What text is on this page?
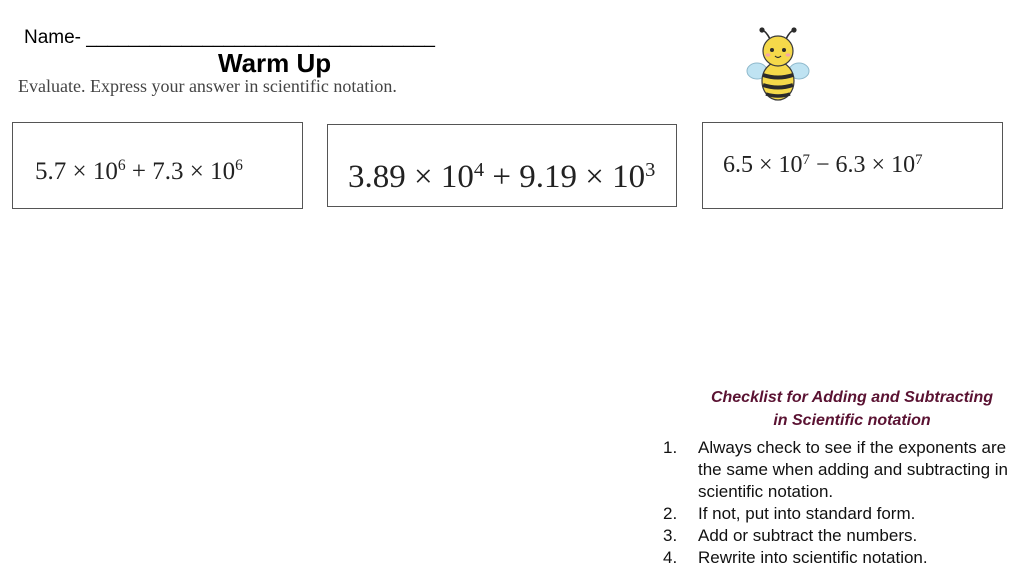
Name- _________________________________
Warm Up
Evaluate. Express your answer in scientific notation.
$5.7 \times 10^6 + 7.3 \times 10^6$	$3.89 \times 10^4 + 9.19 \times 10^3$	$6.5 \times 10^7 - 6.3 \times 10^7$
Checklist for Adding and Subtracting
in Scientific notation
1. Always check to see if the exponents are the same when adding and subtracting in scientific notation.
2. If not, put into standard form.
3. Add or subtract the numbers.
4. Rewrite into scientific notation.
